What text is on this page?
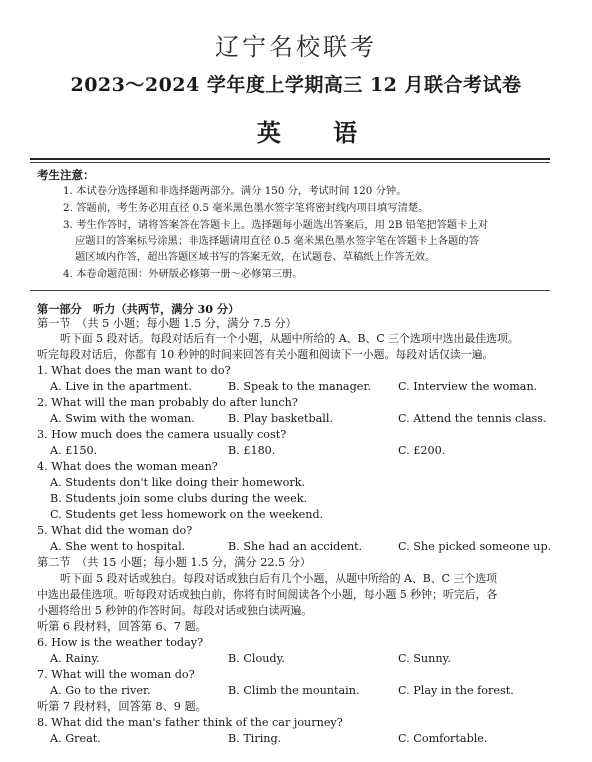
辽宁名校联考
2023～2024 学年度上学期高三 12 月联合考试卷
英 语
考生注意：
1. 本试卷分选择题和非选择题两部分。满分 150 分，考试时间 120 分钟。
2. 答题前，考生务必用直径 0.5 毫米黑色墨水签字笔将密封线内项目填写清楚。
3. 考生作答时，请将答案答在答题卡上。选择题每小题选出答案后，用 2B 铅笔把答题卡上对
应题目的答案标号涂黑；非选择题请用直径 0.5 毫米黑色墨水签字笔在答题卡上各题的答
题区域内作答，超出答题区域书写的答案无效，在试题卷、草稿纸上作答无效。
4. 本卷命题范围：外研版必修第一册～必修第三册。
第一部分　听力（共两节，满分 30 分）
第一节　（共 5 小题；每小题 1.5 分，满分 7.5 分）
听下面 5 段对话。每段对话后有一个小题，从题中所给的 A、B、C 三个选项中选出最佳选项。
听完每段对话后，你都有 10 秒钟的时间来回答有关小题和阅读下一小题。每段对话仅读一遍。
1. What does the man want to do?
A. Live in the apartment.	B. Speak to the manager. C. Interview the woman.
2. What will the man probably do after lunch?
A. Swim with the woman.	B. Play basketball.	C. Attend the tennis class.
3. How much does the camera usually cost?
A. £150.	B. £180.	C. £200.
4. What does the woman mean?
A. Students don't like doing their homework.
B. Students join some clubs during the week.
C. Students get less homework on the weekend.
5. What did the woman do?
A. She went to hospital.	B. She had an accident.	C. She picked someone up.
第二节　（共 15 小题；每小题 1.5 分，满分 22.5 分）
听下面 5 段对话或独白。每段对话或独白后有几个小题，从题中所给的 A、B、C 三个选项
中选出最佳选项。听每段对话或独白前，你将有时间阅读各个小题，每小题 5 秒钟；听完后，各
小题将给出 5 秒钟的作答时间。每段对话或独白读两遍。
听第 6 段材料，回答第 6、7 题。
6. How is the weather today?
A. Rainy.	B. Cloudy.	C. Sunny.
7. What will the woman do?
A. Go to the river.	B. Climb the mountain.	C. Play in the forest.
听第 7 段材料，回答第 8、9 题。
8. What did the man's father think of the car journey?
A. Great.	B. Tiring.	C. Comfortable.
